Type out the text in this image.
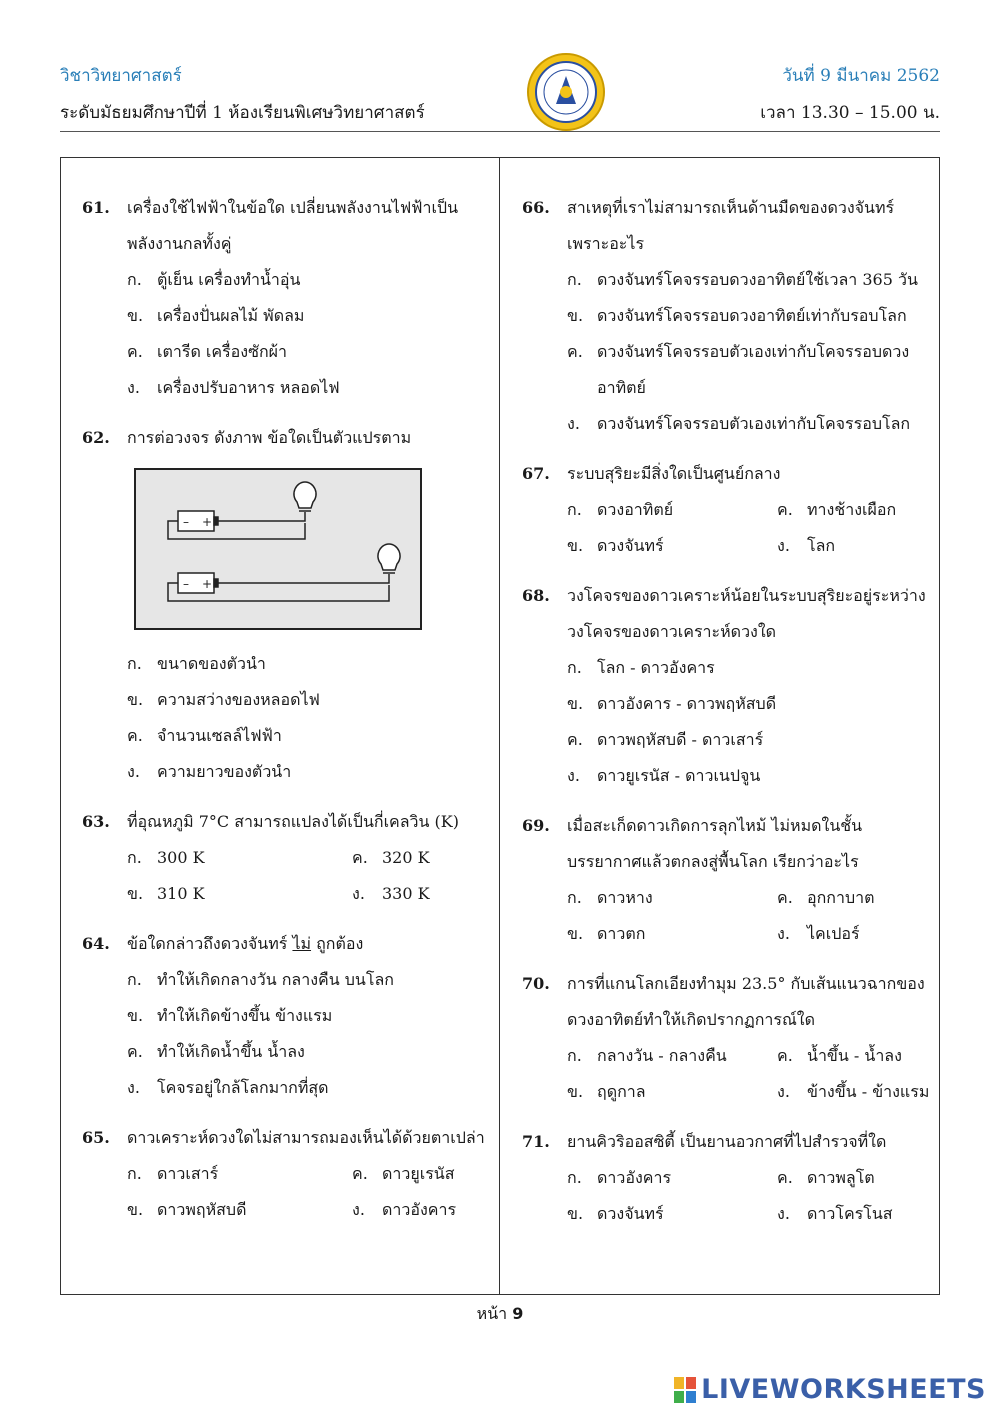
วิชาวิทยาศาสตร์	วันที่ 9 มีนาคม 2562
ระดับมัธยมศึกษาปีที่ 1 ห้องเรียนพิเศษวิทยาศาสตร์	เวลา 13.30 – 15.00 น.
61.	เครื่องใช้ไฟฟ้าในข้อใด เปลี่ยนพลังงานไฟฟ้าเป็นพลังงานกลทั้งคู่
ก. ตู้เย็น เครื่องทำน้ำอุ่น
ข. เครื่องปั่นผลไม้ พัดลม
ค. เตารีด เครื่องซักผ้า
ง.	เครื่องปรับอาหาร หลอดไฟ
62.	การต่อวงจร ดังภาพ ข้อใดเป็นตัวแปรตาม
– +
– +
ก. ขนาดของตัวนำ
ข. ความสว่างของหลอดไฟ
ค. จำนวนเซลล์ไฟฟ้า
ง.	ความยาวของตัวนำ
63.	ที่อุณหภูมิ 7°C สามารถแปลงได้เป็นกี่เคลวิน (K)
ก. 300 K	ค. 320 K
ข. 310 K	ง.	330 K
64.	ข้อใดกล่าวถึงดวงจันทร์ ไม่ ถูกต้อง
ก. ทำให้เกิดกลางวัน กลางคืน บนโลก
ข. ทำให้เกิดข้างขึ้น ข้างแรม
ค. ทำให้เกิดน้ำขึ้น น้ำลง
ง.	โคจรอยู่ใกล้โลกมากที่สุด
65.	ดาวเคราะห์ดวงใดไม่สามารถมองเห็นได้ด้วยตาเปล่า
ก. ดาวเสาร์	ค. ดาวยูเรนัส
ข. ดาวพฤหัสบดี	ง.	ดาวอังคาร
66.	สาเหตุที่เราไม่สามารถเห็นด้านมืดของดวงจันทร์เพราะอะไร
ก. ดวงจันทร์โคจรรอบดวงอาทิตย์ใช้เวลา 365 วัน
ข. ดวงจันทร์โคจรรอบดวงอาทิตย์เท่ากับรอบโลก
ค. ดวงจันทร์โคจรรอบตัวเองเท่ากับโคจรรอบดวงอาทิตย์
ง.	ดวงจันทร์โคจรรอบตัวเองเท่ากับโคจรรอบโลก
67.	ระบบสุริยะมีสิ่งใดเป็นศูนย์กลาง
ก. ดวงอาทิตย์	ค. ทางช้างเผือก
ข. ดวงจันทร์	ง.	โลก
68.	วงโคจรของดาวเคราะห์น้อยในระบบสุริยะอยู่ระหว่างวงโคจรของดาวเคราะห์ดวงใด
ก. โลก - ดาวอังคาร
ข. ดาวอังคาร - ดาวพฤหัสบดี
ค. ดาวพฤหัสบดี - ดาวเสาร์
ง.	ดาวยูเรนัส - ดาวเนปจูน
69.	เมื่อสะเก็ดดาวเกิดการลุกไหม้ ไม่หมดในชั้นบรรยากาศแล้วตกลงสู่พื้นโลก เรียกว่าอะไร
ก. ดาวหาง	ค. อุกกาบาต
ข. ดาวตก	ง.	ไคเปอร์
70.	การที่แกนโลกเอียงทำมุม 23.5° กับเส้นแนวฉากของดวงอาทิตย์ทำให้เกิดปรากฏการณ์ใด
ก. กลางวัน - กลางคืน	ค. น้ำขึ้น - น้ำลง
ข. ฤดูกาล	ง.	ข้างขึ้น - ข้างแรม
71.	ยานคิวริออสซิตี้ เป็นยานอวกาศที่ไปสำรวจที่ใด
ก. ดาวอังคาร	ค. ดาวพลูโต
ข. ดวงจันทร์	ง.	ดาวโครโนส
หน้า 9
LIVEWORKSHEETS
